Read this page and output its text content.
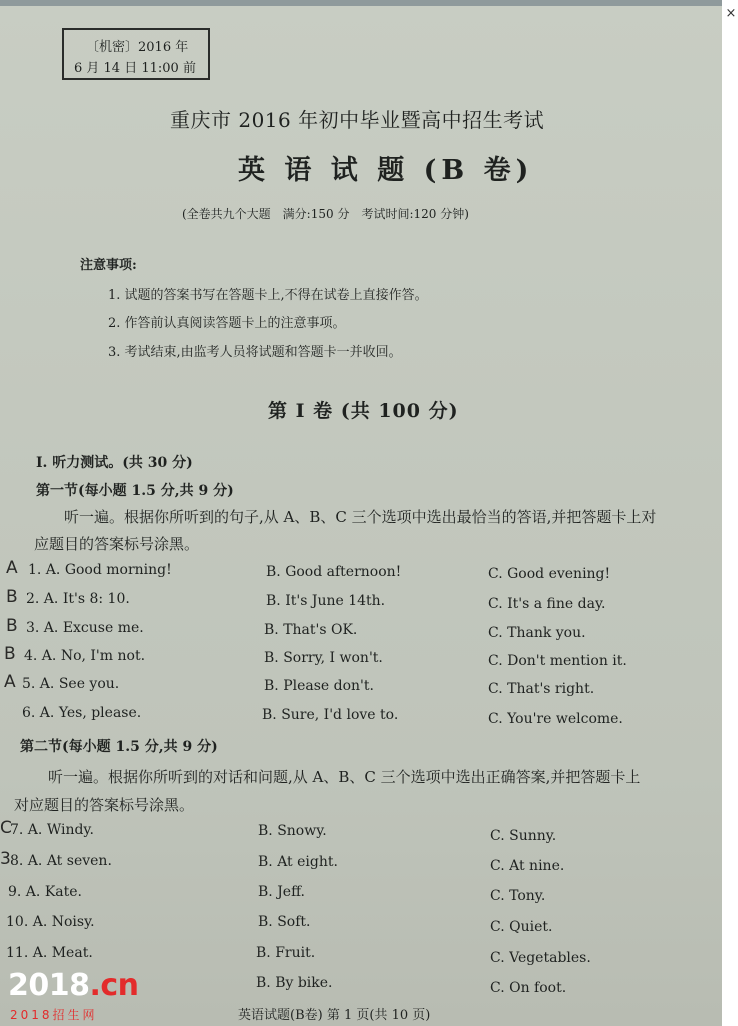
〔机密〕2016 年
6 月 14 日 11:00 前
重庆市 2016 年初中毕业暨高中招生考试
英 语 试 题 (B 卷)
(全卷共九个大题　满分:150 分　考试时间:120 分钟)
注意事项:
1. 试题的答案书写在答题卡上,不得在试卷上直接作答。
2. 作答前认真阅读答题卡上的注意事项。
3. 考试结束,由监考人员将试题和答题卡一并收回。
第 Ⅰ 卷 (共 100 分)
Ⅰ. 听力测试。(共 30 分)
第一节(每小题 1.5 分,共 9 分)
听一遍。根据你所听到的句子,从 A、B、C 三个选项中选出最恰当的答语,并把答题卡上对
应题目的答案标号涂黑。
A 1. A. Good morning!	B. Good afternoon!	C. Good evening!
B 2. A. It's 8: 10.	B. It's June 14th.	C. It's a fine day.
B 3. A. Excuse me.	B. That's OK.	C. Thank you.
B 4. A. No, I'm not.	B. Sorry, I won't.	C. Don't mention it.
A 5. A. See you.	B. Please don't.	C. That's right.
6. A. Yes, please.	B. Sure, I'd love to.	C. You're welcome.
第二节(每小题 1.5 分,共 9 分)
听一遍。根据你所听到的对话和问题,从 A、B、C 三个选项中选出正确答案,并把答题卡上
对应题目的答案标号涂黑。
C
7. A. Windy.	B. Snowy.	C. Sunny.
3 8. A. At seven.	B. At eight.	C. At nine.
9. A. Kate.	B. Jeff.	C. Tony.
10. A. Noisy.	B. Soft.	C. Quiet.
11. A. Meat.	B. Fruit.	C. Vegetables.
B. By bike.	C. On foot.
英语试题(B卷) 第 1 页(共 10 页)
2018.cn
2018招生网
×
